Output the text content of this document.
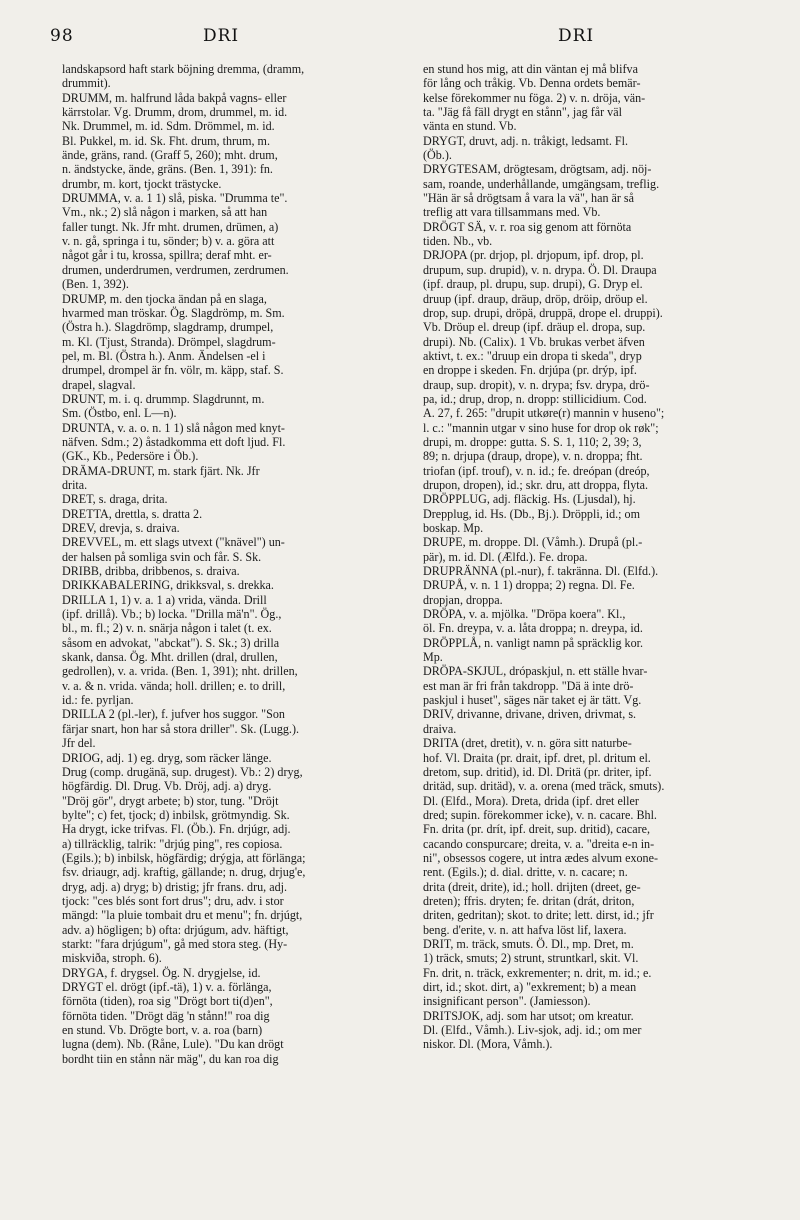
98	DRI	DRI
landskapsord haft stark böjning dremma, (dramm,
drummit).
DRUMM, m. halfrund låda bakpå vagns- eller
kärrstolar. Vg. Drumm, drom, drummel, m. id.
Nk. Drummel, m. id. Sdm. Drömmel, m. id.
Bl. Pukkel, m. id. Sk. Fht. drum, thrum, m.
ände, gräns, rand. (Graff 5, 260); mht. drum,
n. ändstycke, ände, gräns. (Ben. 1, 391): fn.
drumbr, m. kort, tjockt trästycke.
DRUMMA, v. a. 1 1) slå, piska. "Drumma te".
Vm., nk.; 2) slå någon i marken, så att han
faller tungt. Nk. Jfr mht. drumen, drümen, a)
v. n. gå, springa i tu, sönder; b) v. a. göra att
något går i tu, krossa, spillra; deraf mht. er-
drumen, underdrumen, verdrumen, zerdrumen.
(Ben. 1, 392).
DRUMP, m. den tjocka ändan på en slaga,
hvarmed man tröskar. Ög. Slagdrömp, m. Sm.
(Östra h.). Slagdrömp, slagdramp, drumpel,
m. Kl. (Tjust, Stranda). Drömpel, slagdrum-
pel, m. Bl. (Östra h.). Anm. Ändelsen -el i
drumpel, drompel är fn. völr, m. käpp, staf. S.
drapel, slagval.
DRUNT, m. i. q. drummp. Slagdrunnt, m.
Sm. (Östbo, enl. L—n).
DRUNTA, v. a. o. n. 1 1) slå någon med knyt-
näfven. Sdm.; 2) åstadkomma ett doft ljud. Fl.
(GK., Kb., Pedersöre i Öb.).
DRÄMA-DRUNT, m. stark fjärt. Nk. Jfr
drita.
DRET, s. draga, drita.
DRETTA, drettla, s. dratta 2.
DREV, drevja, s. draiva.
DREVVEL, m. ett slags utvext ("knävel") un-
der halsen på somliga svin och får. S. Sk.
DRIBB, dribba, dribbenos, s. draiva.
DRIKKABALERING, drikksval, s. drekka.
DRILLA 1, 1) v. a. 1 a) vrida, vända. Drill
(ipf. drillå). Vb.; b) locka. "Drilla mä'n". Ög.,
bl., m. fl.; 2) v. n. snärja någon i talet (t. ex.
såsom en advokat, "abckat"). S. Sk.; 3) drilla
skank, dansa. Ög. Mht. drillen (dral, drullen,
gedrollen), v. a. vrida. (Ben. 1, 391); nht. drillen,
v. a. & n. vrida. vända; holl. drillen; e. to drill,
id.: fe. pyrljan.
DRILLA 2 (pl.-ler), f. jufver hos suggor. "Son
färjar snart, hon har så stora driller". Sk. (Lugg.).
Jfr del.
DRIOG, adj. 1) eg. dryg, som räcker länge.
Drug (comp. drugänä, sup. drugest). Vb.: 2) dryg,
högfärdig. Dl. Drug. Vb. Dröj, adj. a) dryg.
"Dröj gör", drygt arbete; b) stor, tung. "Dröjt
bylte"; c) fet, tjock; d) inbilsk, grötmyndig. Sk.
Ha drygt, icke trifvas. Fl. (Öb.). Fn. drjúgr, adj.
a) tillräcklig, talrik: "drjúg ping", res copiosa.
(Egils.); b) inbilsk, högfärdig; drýgja, att förlänga;
fsv. driaugr, adj. kraftig, gällande; n. drug, drjug'e,
dryg, adj. a) dryg; b) dristig; jfr frans. dru, adj.
tjock: "ces blés sont fort drus"; dru, adv. i stor
mängd: "la pluie tombait dru et menu"; fn. drjúgt,
adv. a) högligen; b) ofta: drjúgum, adv. häftigt,
starkt: "fara drjúgum", gå med stora steg. (Hy-
miskviða, stroph. 6).
DRYGA, f. drygsel. Ög. N. drygjelse, id.
DRYGT el. drögt (ipf.-tä), 1) v. a. förlänga,
förnöta (tiden), roa sig "Drögt bort ti(d)en",
förnöta tiden. "Drögt däg 'n stånn!" roa dig
en stund. Vb. Drögte bort, v. a. roa (barn)
lugna (dem). Nb. (Råne, Lule). "Du kan drögt
bordht tiin en stånn när mäg", du kan roa dig
en stund hos mig, att din väntan ej må blifva
för lång och tråkig. Vb. Denna ordets bemär-
kelse förekommer nu föga. 2) v. n. dröja, vän-
ta. "Jäg få fäll drygt en stånn", jag får väl
vänta en stund. Vb.
DRYGT, druvt, adj. n. tråkigt, ledsamt. Fl.
(Öb.).
DRYGTESAM, drögtesam, drögtsam, adj. nöj-
sam, roande, underhållande, umgängsam, treflig.
"Hän är så drögtsam å vara la vä", han är så
treflig att vara tillsammans med. Vb.
DRÖGT SÄ, v. r. roa sig genom att förnöta
tiden. Nb., vb.
DRJOPA (pr. drjop, pl. drjopum, ipf. drop, pl.
drupum, sup. drupid), v. n. drypa. Ö. Dl. Draupa
(ipf. draup, pl. drupu, sup. drupi), G. Dryp el.
druup (ipf. draup, dräup, dröp, dröip, dröup el.
drop, sup. drupi, dröpä, druppä, drope el. druppi).
Vb. Dröup el. dreup (ipf. dräup el. dropa, sup.
drupi). Nb. (Calix). 1 Vb. brukas verbet äfven
aktivt, t. ex.: "druup ein dropa ti skeda", dryp
en droppe i skeden. Fn. drjúpa (pr. drýp, ipf.
draup, sup. dropit), v. n. drypa; fsv. drypa, drö-
pa, id.; drup, drop, n. dropp: stillicidium. Cod.
A. 27, f. 265: "drupit utkøre(r) mannin v huseno";
l. c.: "mannin utgar v sino huse for drop ok røk";
drupi, m. droppe: gutta. S. S. 1, 110; 2, 39; 3,
89; n. drjupa (draup, drope), v. n. droppa; fht.
triofan (ipf. trouf), v. n. id.; fe. dreópan (dreóp,
drupon, dropen), id.; skr. dru, att droppa, flyta.
DRÖPPLUG, adj. fläckig. Hs. (Ljusdal), hj.
Drepplug, id. Hs. (Db., Bj.). Dröppli, id.; om
boskap. Mp.
DRUPE, m. droppe. Dl. (Våmh.). Drupå (pl.-
pär), m. id. Dl. (Ælfd.). Fe. dropa.
DRUPRÄNNA (pl.-nur), f. takränna. Dl. (Elfd.).
DRUPÅ, v. n. 1 1) droppa; 2) regna. Dl. Fe.
dropjan, droppa.
DRÖPA, v. a. mjölka. "Dröpa koera". Kl.,
öl. Fn. dreypa, v. a. låta droppa; n. dreypa, id.
DRÖPPLÅ, n. vanligt namn på spräcklig kor.
Mp.
DRÖPA-SKJUL, drópaskjul, n. ett ställe hvar-
est man är fri från takdropp. "Dä ä inte drö-
paskjul i huset", säges när taket ej är tätt. Vg.
DRIV, drivanne, drivane, driven, drivmat, s.
draiva.
DRITA (dret, dretit), v. n. göra sitt naturbe-
hof. Vl. Draita (pr. drait, ipf. dret, pl. dritum el.
dretom, sup. dritid), id. Dl. Dritä (pr. driter, ipf.
dritäd, sup. dritäd), v. a. orena (med träck, smuts).
Dl. (Elfd., Mora). Dreta, drida (ipf. dret eller
dred; supin. förekommer icke), v. n. cacare. Bhl.
Fn. drita (pr. drít, ipf. dreit, sup. dritid), cacare,
cacando conspurcare; dreita, v. a. "dreita e-n in-
ni", obsessos cogere, ut intra ædes alvum exone-
rent. (Egils.); d. dial. dritte, v. n. cacare; n.
drita (dreit, drite), id.; holl. drijten (dreet, ge-
dreten); ffris. dryten; fe. dritan (drát, driton,
driten, gedritan); skot. to drite; lett. dirst, id.; jfr
beng. d'erite, v. n. att hafva löst lif, laxera.
DRIT, m. träck, smuts. Ö. Dl., mp. Dret, m.
1) träck, smuts; 2) strunt, struntkarl, skit. Vl.
Fn. drit, n. träck, exkrementer; n. drit, m. id.; e.
dirt, id.; skot. dirt, a) "exkrement; b) a mean
insignificant person". (Jamiesson).
DRITSJOK, adj. som har utsot; om kreatur.
Dl. (Elfd., Våmh.). Liv-sjok, adj. id.; om mer
niskor. Dl. (Mora, Våmh.).
